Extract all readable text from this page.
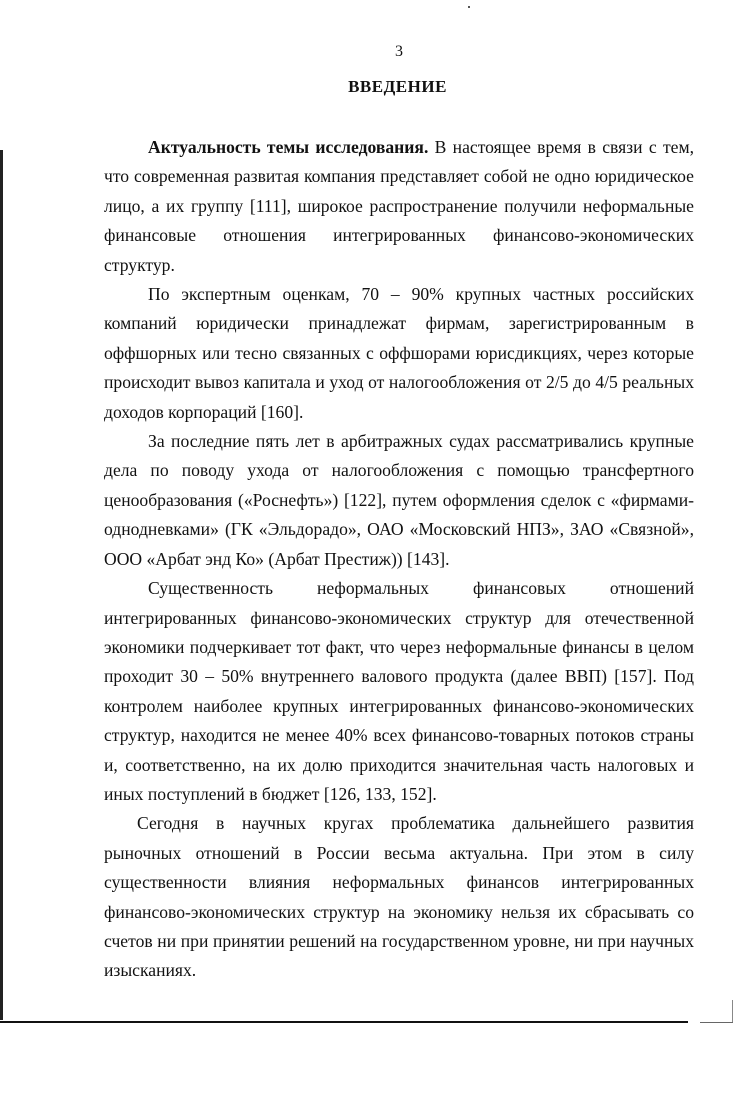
3
ВВЕДЕНИЕ

Актуальность темы исследования. В настоящее время в связи с тем, что современная развитая компания представляет собой не одно юридическое лицо, а их группу [111], широкое распространение получили неформальные финансовые отношения интегрированных финансово-экономических структур.

По экспертным оценкам, 70 – 90% крупных частных российских компаний юридически принадлежат фирмам, зарегистрированным в оффшорных или тесно связанных с оффшорами юрисдикциях, через которые происходит вывоз капитала и уход от налогообложения от 2/5 до 4/5 реальных доходов корпораций [160].

За последние пять лет в арбитражных судах рассматривались крупные дела по поводу ухода от налогообложения с помощью трансфертного ценообразования («Роснефть») [122], путем оформления сделок с «фирмами-однодневками» (ГК «Эльдорадо», ОАО «Московский НПЗ», ЗАО «Связной», ООО «Арбат энд Ко» (Арбат Престиж)) [143].

Существенность неформальных финансовых отношений интегрированных финансово-экономических структур для отечественной экономики подчеркивает тот факт, что через неформальные финансы в целом проходит 30 – 50% внутреннего валового продукта (далее ВВП) [157]. Под контролем наиболее крупных интегрированных финансово-экономических структур, находится не менее 40% всех финансово-товарных потоков страны и, соответственно, на их долю приходится значительная часть налоговых и иных поступлений в бюджет [126, 133, 152].

Сегодня в научных кругах проблематика дальнейшего развития рыночных отношений в России весьма актуальна. При этом в силу существенности влияния неформальных финансов интегрированных финансово-экономических структур на экономику нельзя их сбрасывать со счетов ни при принятии решений на государственном уровне, ни при научных изысканиях.
